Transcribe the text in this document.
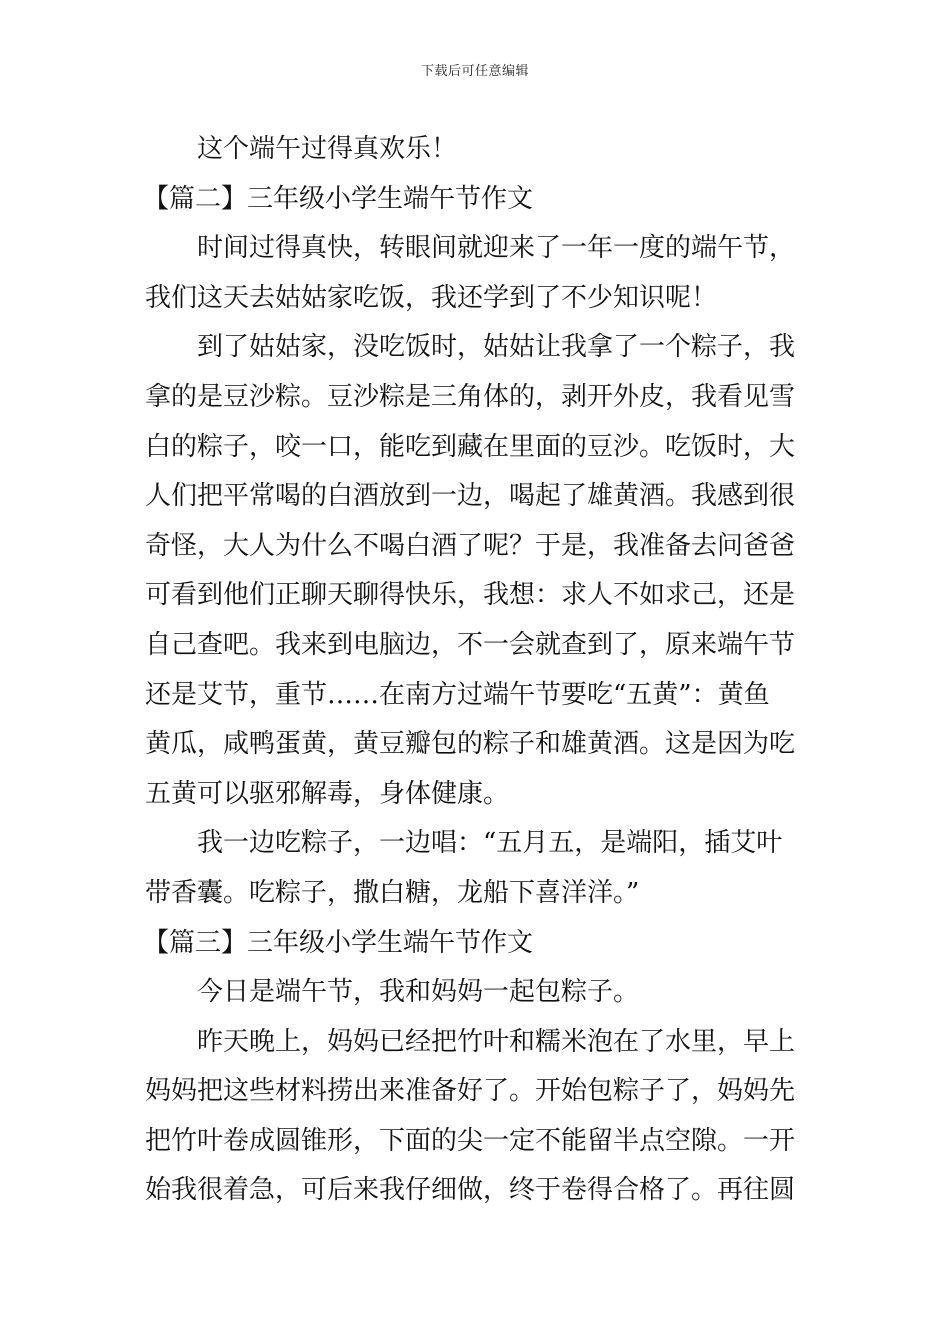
下载后可任意编辑
这个端午过得真欢乐！
【篇二】三年级小学生端午节作文
时间过得真快，转眼间就迎来了一年一度的端午节，
我们这天去姑姑家吃饭，我还学到了不少知识呢！
到了姑姑家，没吃饭时，姑姑让我拿了一个粽子，我
拿的是豆沙粽。豆沙粽是三角体的，剥开外皮，我看见雪
白的粽子，咬一口，能吃到藏在里面的豆沙。吃饭时，大
人们把平常喝的白酒放到一边，喝起了雄黄酒。我感到很
奇怪，大人为什么不喝白酒了呢？于是，我准备去问爸爸
可看到他们正聊天聊得快乐，我想：求人不如求己，还是
自己查吧。我来到电脑边，不一会就查到了，原来端午节
还是艾节，重节……在南方过端午节要吃“五黄”：黄鱼
黄瓜，咸鸭蛋黄，黄豆瓣包的粽子和雄黄酒。这是因为吃
五黄可以驱邪解毒，身体健康。
我一边吃粽子，一边唱：“五月五，是端阳，插艾叶
带香囊。吃粽子，撒白糖，龙船下喜洋洋。”
【篇三】三年级小学生端午节作文
今日是端午节，我和妈妈一起包粽子。
昨天晚上，妈妈已经把竹叶和糯米泡在了水里，早上
妈妈把这些材料捞出来准备好了。开始包粽子了，妈妈先
把竹叶卷成圆锥形，下面的尖一定不能留半点空隙。一开
始我很着急，可后来我仔细做，终于卷得合格了。再往圆
